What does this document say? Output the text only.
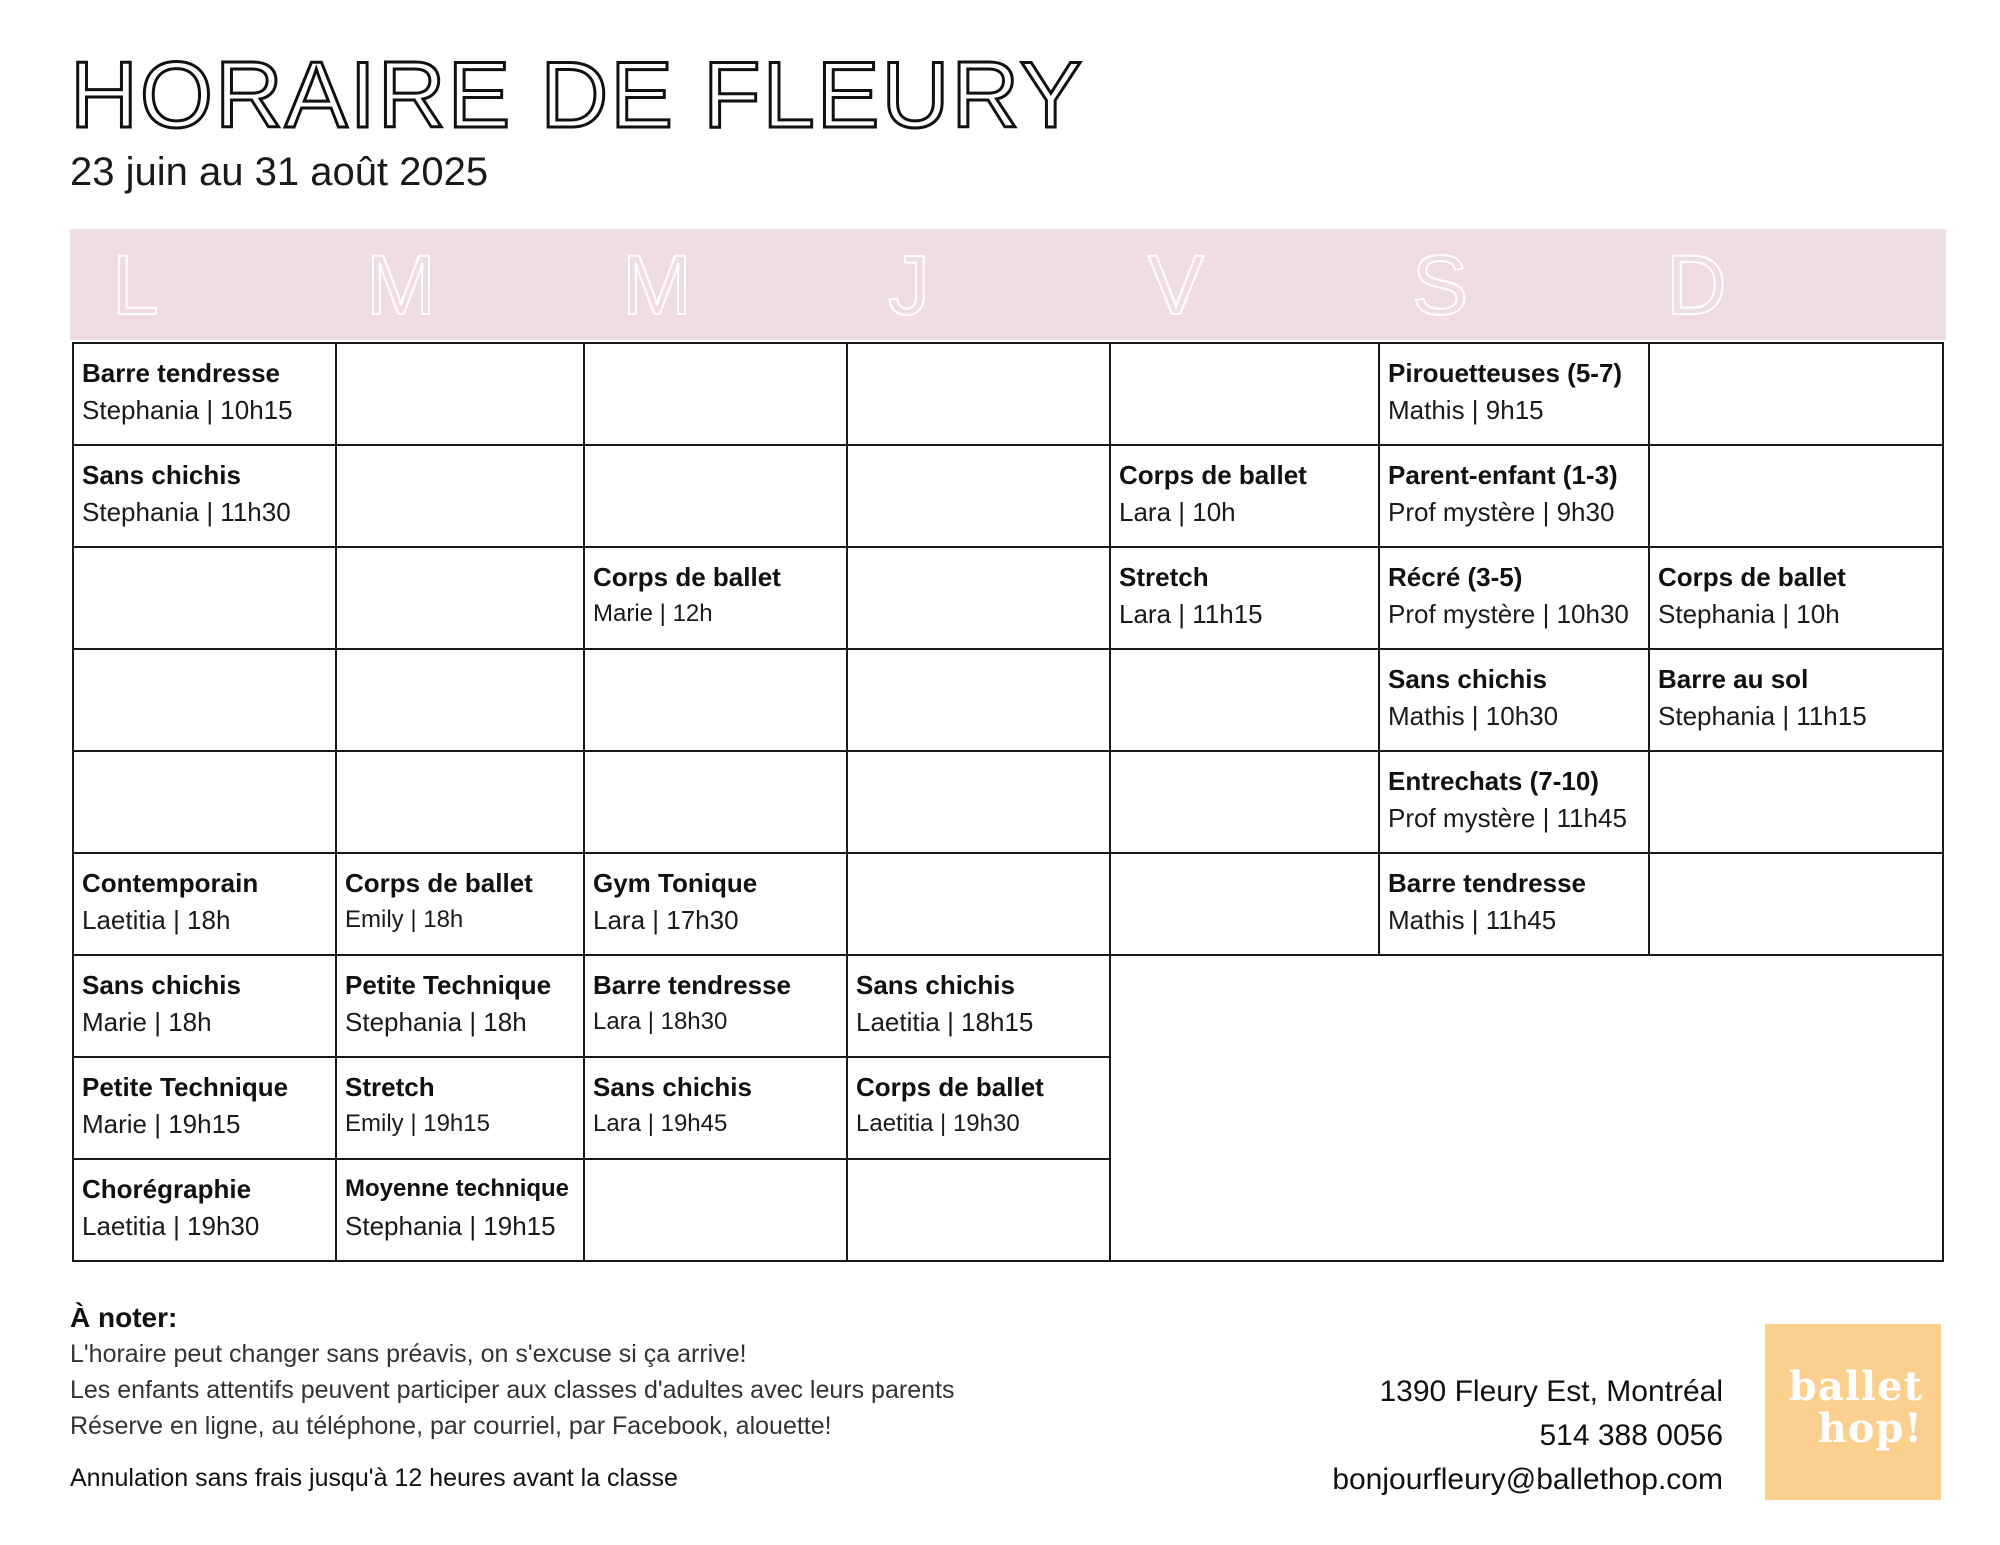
HORAIRE DE FLEURY
23 juin au 31 août 2025
L M M J	V S D
Barre tendresse
Stephania | 10h15
Pirouetteuses (5-7)
Mathis | 9h15
Sans chichis
Stephania | 11h30
Corps de ballet
Lara | 10h
Parent-enfant (1-3)
Prof mystère | 9h30
Corps de ballet
Marie | 12h
Stretch
Lara | 11h15
Récré (3-5)
Prof mystère | 10h30
Corps de ballet
Stephania | 10h
Sans chichis
Mathis | 10h30
Barre au sol
Stephania | 11h15
Entrechats (7-10)
Prof mystère | 11h45
Contemporain
Laetitia | 18h
Corps de ballet
Emily | 18h
Gym Tonique
Lara | 17h30
Barre tendresse
Mathis | 11h45
Sans chichis
Marie | 18h
Petite Technique
Stephania | 18h
Barre tendresse
Lara | 18h30
Sans chichis
Laetitia | 18h15
Petite Technique
Marie | 19h15
Stretch
Emily | 19h15
Sans chichis
Lara | 19h45
Corps de ballet
Laetitia | 19h30
Chorégraphie
Laetitia | 19h30
Moyenne technique
Stephania | 19h15
À noter:
L'horaire peut changer sans préavis, on s'excuse si ça arrive!
Les enfants attentifs peuvent participer aux classes d'adultes avec leurs parents
Réserve en ligne, au téléphone, par courriel, par Facebook, alouette!
Annulation sans frais jusqu'à 12 heures avant la classe
1390 Fleury Est, Montréal
514 388 0056
bonjourfleury@ballethop.com
ballet
hop!
